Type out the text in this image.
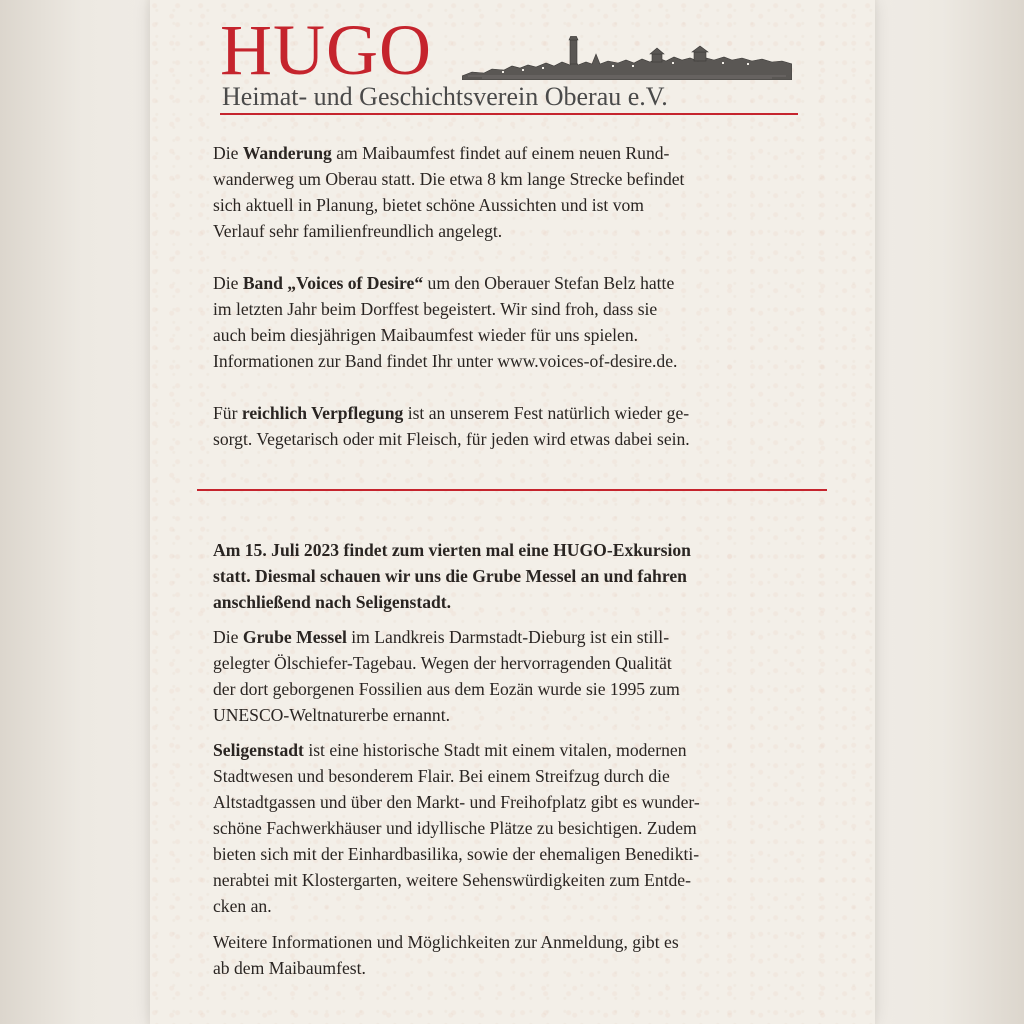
HUGO
Heimat- und Geschichtsverein Oberau e.V.

Die Wanderung am Maibaumfest findet auf einem neuen Rund-
wanderweg um Oberau statt. Die etwa 8 km lange Strecke befindet
sich aktuell in Planung, bietet schöne Aussichten und ist vom
Verlauf sehr familienfreundlich angelegt.

Die Band „Voices of Desire“ um den Oberauer Stefan Belz hatte
im letzten Jahr beim Dorffest begeistert. Wir sind froh, dass sie
auch beim diesjährigen Maibaumfest wieder für uns spielen.
Informationen zur Band findet Ihr unter www.voices-of-desire.de.

Für reichlich Verpflegung ist an unserem Fest natürlich wieder ge-
sorgt. Vegetarisch oder mit Fleisch, für jeden wird etwas dabei sein.

Am 15. Juli 2023 findet zum vierten mal eine HUGO-Exkursion
statt. Diesmal schauen wir uns die Grube Messel an und fahren
anschließend nach Seligenstadt.

Die Grube Messel im Landkreis Darmstadt-Dieburg ist ein still-
gelegter Ölschiefer-Tagebau. Wegen der hervorragenden Qualität
der dort geborgenen Fossilien aus dem Eozän wurde sie 1995 zum
UNESCO-Weltnaturerbe ernannt.

Seligenstadt ist eine historische Stadt mit einem vitalen, modernen
Stadtwesen und besonderem Flair. Bei einem Streifzug durch die
Altstadtgassen und über den Markt- und Freihofplatz gibt es wunder-
schöne Fachwerkhäuser und idyllische Plätze zu besichtigen. Zudem
bieten sich mit der Einhardbasilika, sowie der ehemaligen Benedikti-
nerabtei mit Klostergarten, weitere Sehenswürdigkeiten zum Entde-
cken an.

Weitere Informationen und Möglichkeiten zur Anmeldung, gibt es
ab dem Maibaumfest.
